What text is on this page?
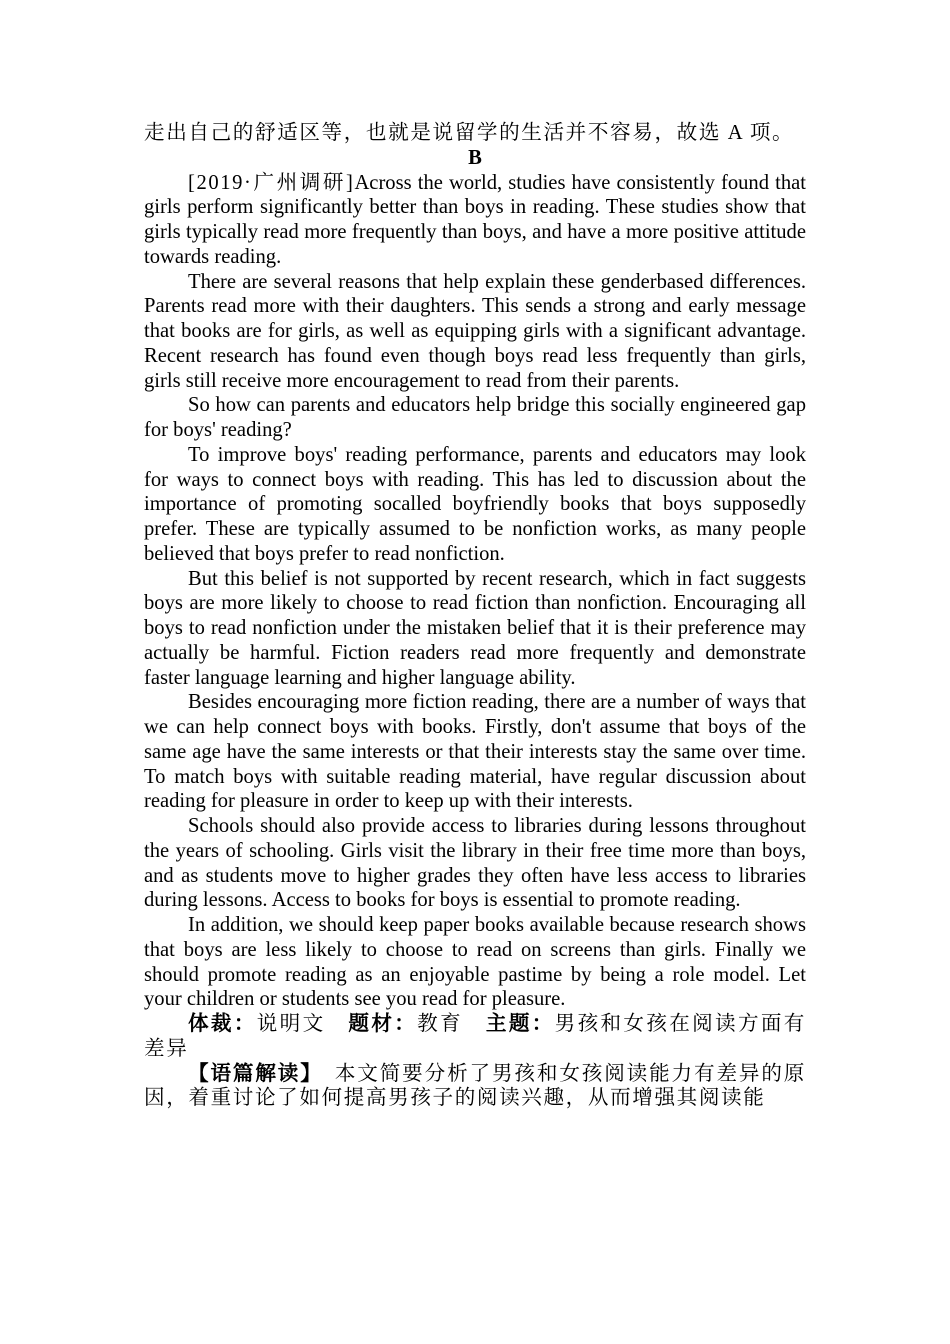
走出自己的舒适区等，也就是说留学的生活并不容易，故选 A 项。

B

[2019·广州调研]Across the world, studies have consistently found that girls perform significantly better than boys in reading. These studies show that girls typically read more frequently than boys, and have a more positive attitude towards reading.

There are several reasons that help explain these genderbased differences. Parents read more with their daughters. This sends a strong and early message that books are for girls, as well as equipping girls with a significant advantage. Recent research has found even though boys read less frequently than girls, girls still receive more encouragement to read from their parents.

So how can parents and educators help bridge this socially engineered gap for boys' reading?

To improve boys' reading performance, parents and educators may look for ways to connect boys with reading. This has led to discussion about the importance of promoting socalled boyfriendly books that boys supposedly prefer. These are typically assumed to be nonfiction works, as many people believed that boys prefer to read nonfiction.

But this belief is not supported by recent research, which in fact suggests boys are more likely to choose to read fiction than nonfiction. Encouraging all boys to read nonfiction under the mistaken belief that it is their preference may actually be harmful. Fiction readers read more frequently and demonstrate faster language learning and higher language ability.

Besides encouraging more fiction reading, there are a number of ways that we can help connect boys with books. Firstly, don't assume that boys of the same age have the same interests or that their interests stay the same over time. To match boys with suitable reading material, have regular discussion about reading for pleasure in order to keep up with their interests.

Schools should also provide access to libraries during lessons throughout the years of schooling. Girls visit the library in their free time more than boys, and as students move to higher grades they often have less access to libraries during lessons. Access to books for boys is essential to promote reading.

In addition, we should keep paper books available because research shows that boys are less likely to choose to read on screens than girls. Finally we should promote reading as an enjoyable pastime by being a role model. Let your children or students see you read for pleasure.

体裁：说明文　 题材：教育　 主题：男孩和女孩在阅读方面有差异

【语篇解读】　 本文简要分析了男孩和女孩阅读能力有差异的原因，着重讨论了如何提高男孩子的阅读兴趣，从而增强其阅读能
